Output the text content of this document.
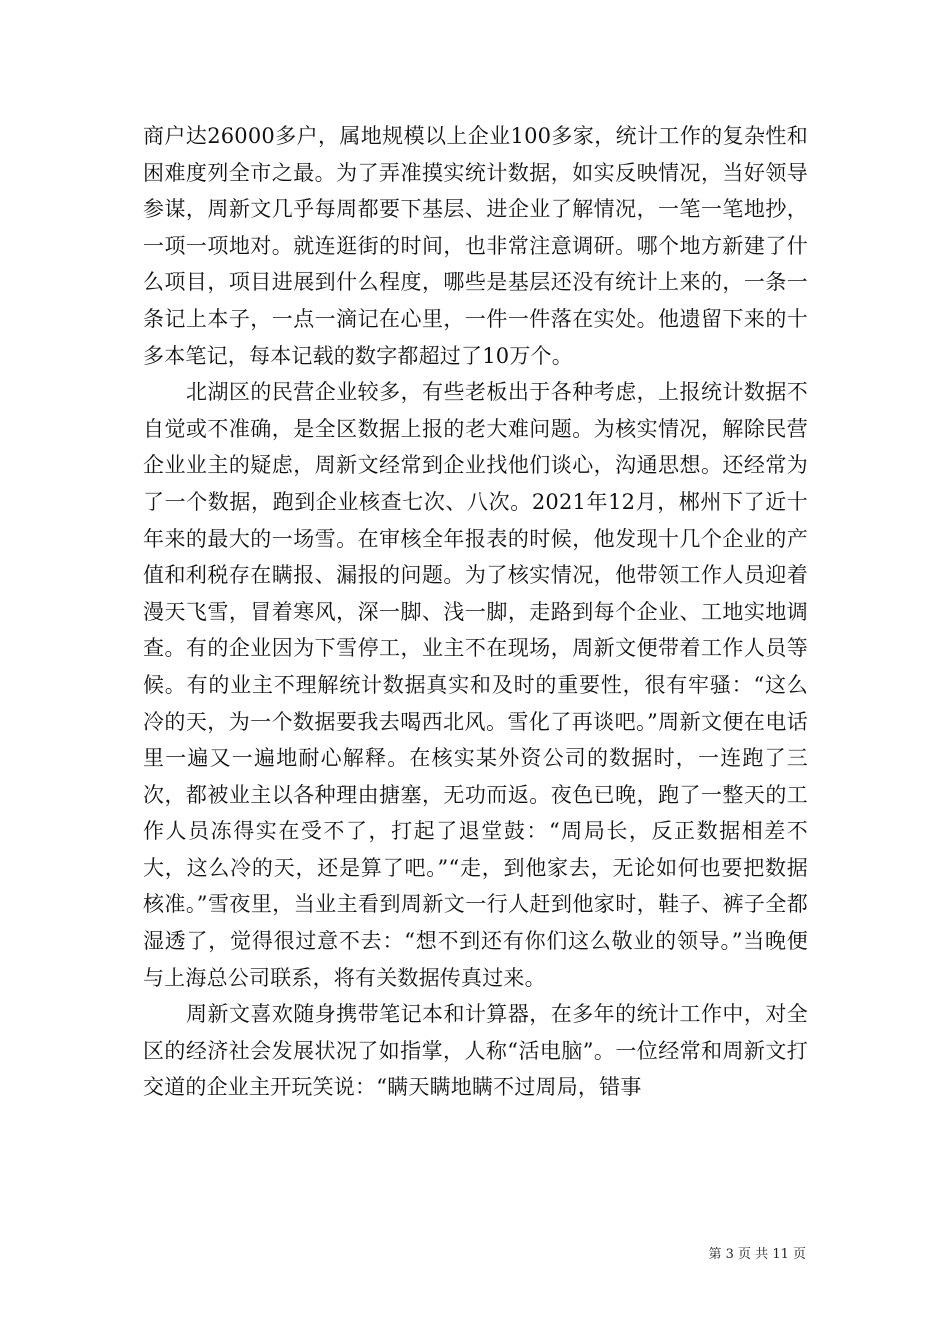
商户达26000多户，属地规模以上企业100多家，统计工作的复杂性和困难度列全市之最。为了弄准摸实统计数据，如实反映情况，当好领导参谋，周新文几乎每周都要下基层、进企业了解情况，一笔一笔地抄，一项一项地对。就连逛街的时间，也非常注意调研。哪个地方新建了什么项目，项目进展到什么程度，哪些是基层还没有统计上来的，一条一条记上本子，一点一滴记在心里，一件一件落在实处。他遗留下来的十多本笔记，每本记载的数字都超过了10万个。

北湖区的民营企业较多，有些老板出于各种考虑，上报统计数据不自觉或不准确，是全区数据上报的老大难问题。为核实情况，解除民营企业业主的疑虑，周新文经常到企业找他们谈心，沟通思想。还经常为了一个数据，跑到企业核查七次、八次。2021年12月，郴州下了近十年来的最大的一场雪。在审核全年报表的时候，他发现十几个企业的产值和利税存在瞒报、漏报的问题。为了核实情况，他带领工作人员迎着漫天飞雪，冒着寒风，深一脚、浅一脚，走路到每个企业、工地实地调查。有的企业因为下雪停工，业主不在现场，周新文便带着工作人员等候。有的业主不理解统计数据真实和及时的重要性，很有牢骚：“这么冷的天，为一个数据要我去喝西北风。雪化了再谈吧。”周新文便在电话里一遍又一遍地耐心解释。在核实某外资公司的数据时，一连跑了三次，都被业主以各种理由搪塞，无功而返。夜色已晚，跑了一整天的工作人员冻得实在受不了，打起了退堂鼓：“周局长，反正数据相差不大，这么冷的天，还是算了吧。”“走，到他家去，无论如何也要把数据核准。”雪夜里，当业主看到周新文一行人赶到他家时，鞋子、裤子全都湿透了，觉得很过意不去：“想不到还有你们这么敬业的领导。”当晚便与上海总公司联系，将有关数据传真过来。

周新文喜欢随身携带笔记本和计算器，在多年的统计工作中，对全区的经济社会发展状况了如指掌，人称“活电脑”。一位经常和周新文打交道的企业主开玩笑说：“瞒天瞒地瞒不过周局，错事

第 3 页 共 11 页
